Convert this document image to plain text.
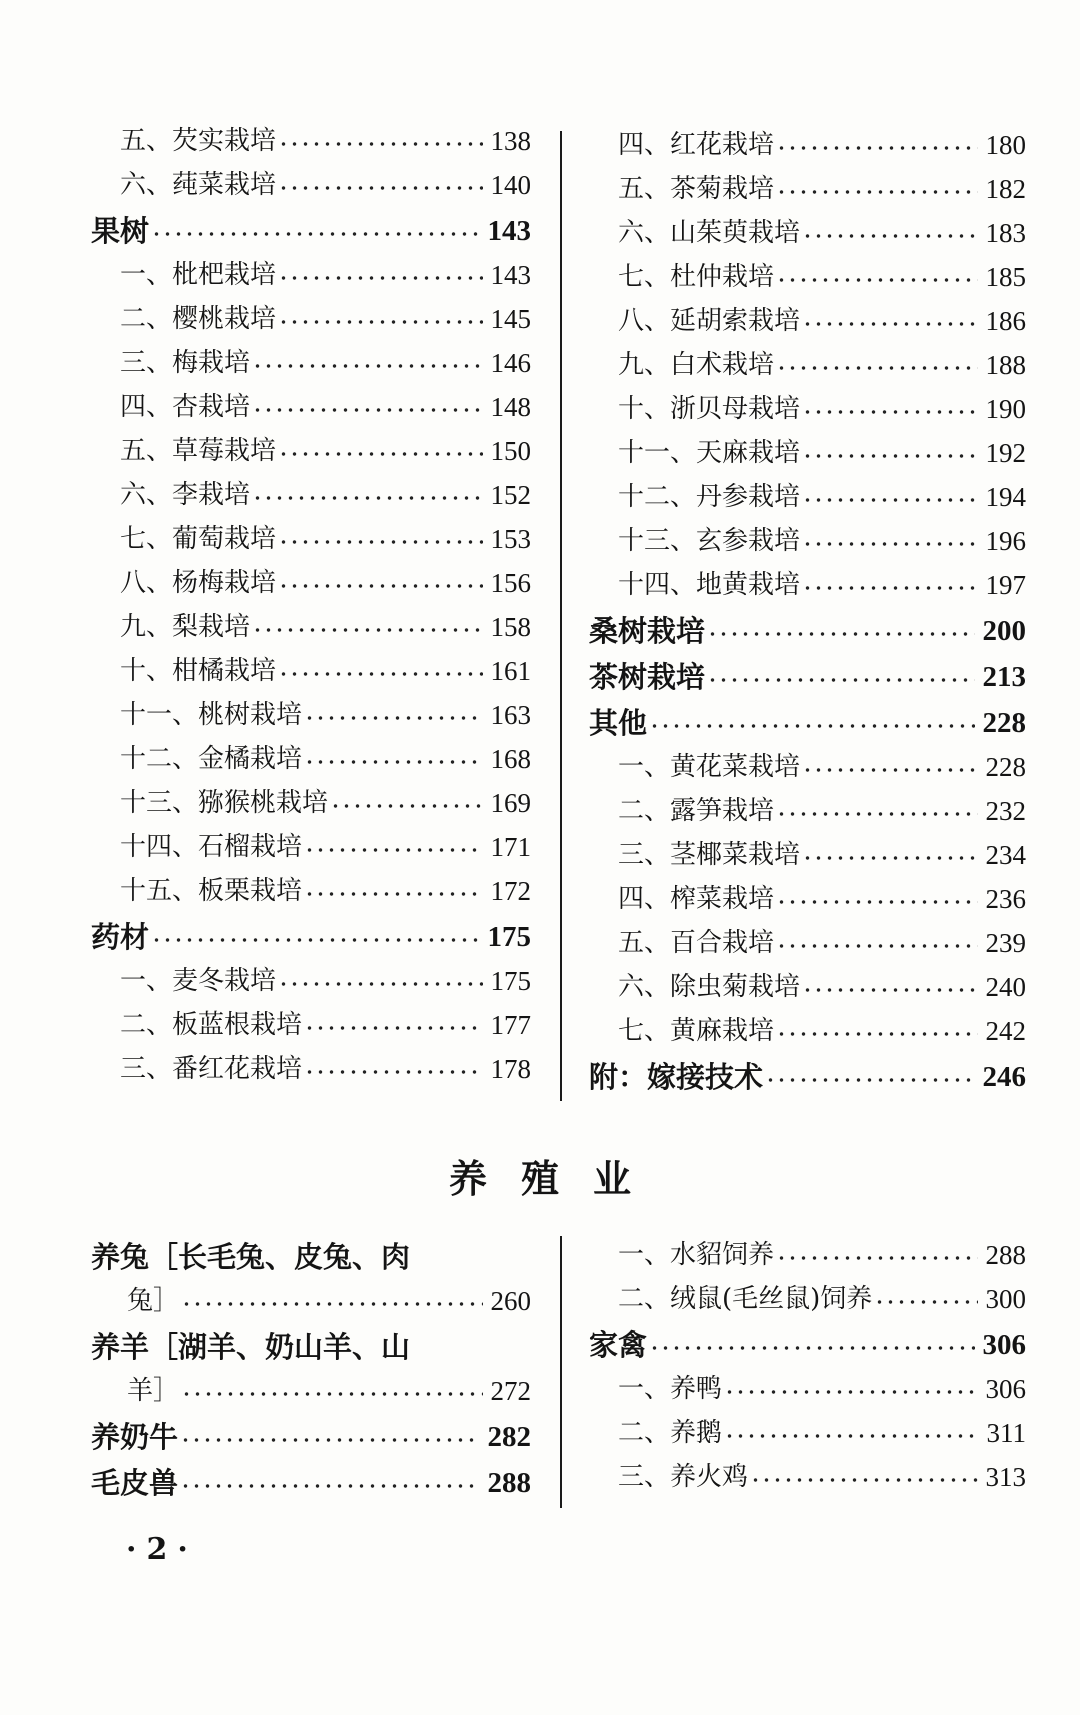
五、芡实栽培	138
六、莼菜栽培	140
果树	143
一、枇杷栽培	143
二、樱桃栽培	145
三、梅栽培	146
四、杏栽培	148
五、草莓栽培	150
六、李栽培	152
七、葡萄栽培	153
八、杨梅栽培	156
九、梨栽培	158
十、柑橘栽培	161
十一、桃树栽培	163
十二、金橘栽培	168
十三、猕猴桃栽培	169
十四、石榴栽培	171
十五、板栗栽培	172
药材	175
一、麦冬栽培	175
二、板蓝根栽培	177
三、番红花栽培	178
四、红花栽培	180
五、茶菊栽培	182
六、山茱萸栽培	183
七、杜仲栽培	185
八、延胡索栽培	186
九、白术栽培	188
十、浙贝母栽培	190
十一、天麻栽培	192
十二、丹参栽培	194
十三、玄参栽培	196
十四、地黄栽培	197
桑树栽培	200
茶树栽培	213
其他	228
一、黄花菜栽培	228
二、露笋栽培	232
三、茎椰菜栽培	234
四、榨菜栽培	236
五、百合栽培	239
六、除虫菊栽培	240
七、黄麻栽培	242
附：嫁接技术	246
养殖业
养兔［长毛兔、皮兔、肉
兔］	260
养羊［湖羊、奶山羊、山
羊］	272
养奶牛	282
毛皮兽	288
一、水貂饲养	288
二、绒鼠(毛丝鼠)饲养	300
家禽	306
一、养鸭	306
二、养鹅	311
三、养火鸡	313
·2·
